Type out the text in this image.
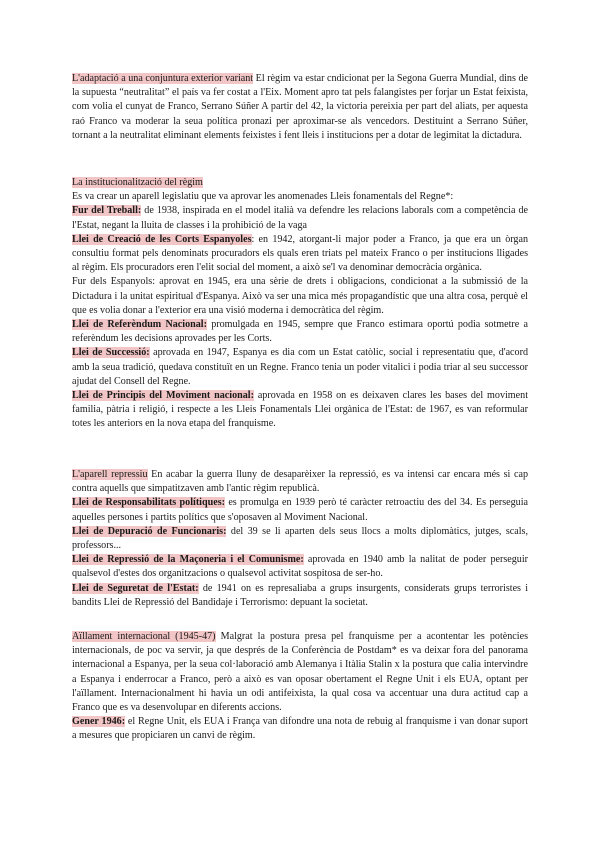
L'adaptació a una conjuntura exterior variant El règim va estar cndicionat per la Segona Guerra Mundial, dins de la supuesta “neutralitat” el país va fer costat a l'Eix. Moment apro tat pels falangistes per forjar un Estat feixista, com volia el cunyat de Franco, Serrano Súñer A partir del 42, la victoria pereixia per part del aliats, per aquesta raó Franco va moderar la seua política pronazi per aproximar-se als vencedors. Destituint a Serrano Súñer, tornant a la neutralitat eliminant elements feixistes i fent lleis i institucions per a dotar de legimitat la dictadura.

La institucionalització del règim

Es va crear un aparell legislatiu que va aprovar les anomenades Lleis fonamentals del Regne*:

Fur del Treball: de 1938, inspirada en el model italià va defendre les relacions laborals com a competència de l'Estat, negant la lluita de classes i la prohibició de la vaga

Llei de Creació de les Corts Espanyoles: en 1942, atorgant-li major poder a Franco, ja que era un òrgan consultiu format pels denominats procuradors els quals eren triats pel mateix Franco o per institucions lligades al règim. Els procuradors eren l'elit social del moment, a això se'l va denominar democràcia orgànica.

Fur dels Espanyols: aprovat en 1945, era una sèrie de drets i obligacions, condicionat a la submissió de la Dictadura i la unitat espiritual d'Espanya. Això va ser una mica més propagandístic que una altra cosa, perquè el que es volia donar a l'exterior era una visió moderna i democràtica del règim.

Llei de Referèndum Nacional: promulgada en 1945, sempre que Franco estimara oportú podia sotmetre a referèndum les decisions aprovades per les Corts.

Llei de Successió: aprovada en 1947, Espanya es dia com un Estat catòlic, social i representatiu que, d'acord amb la seua tradició, quedava constituït en un Regne. Franco tenia un poder vitalici i podia triar al seu successor ajudat del Consell del Regne.

Llei de Principis del Moviment nacional: aprovada en 1958 on es deixaven clares les bases del moviment familia, pàtria i religió, i respecte a les Lleis Fonamentals Llei orgànica de l'Estat: de 1967, es van reformular totes les anteriors en la nova etapa del franquisme.

L'aparell repressiu En acabar la guerra lluny de desaparèixer la repressió, es va intensi car encara més si cap contra aquells que simpatitzaven amb l'antic règim republicà.

Llei de Responsabilitats polítiques: es promulga en 1939 però té caràcter retroactiu des del 34. Es perseguia aquelles persones i partits polítics que s'oposaven al Moviment Nacional.

Llei de Depuració de Funcionaris: del 39 se li aparten dels seus llocs a molts diplomàtics, jutges, scals, professors...

Llei de Repressió de la Maçoneria i el Comunisme: aprovada en 1940 amb la nalitat de poder perseguir qualsevol d'estes dos organitzacions o qualsevol activitat sospitosa de ser-ho.

Llei de Seguretat de l'Estat: de 1941 on es represaliaba a grups insurgents, considerats grups terroristes i bandits Llei de Repressió del Bandidaje i Terrorismo: depuant la societat.

Aïllament internacional (1945-47) Malgrat la postura presa pel franquisme per a acontentar les potències internacionals, de poc va servir, ja que després de la Conferència de Postdam* es va deixar fora del panorama internacional a Espanya, per la seua col·laboració amb Alemanya i Itàlia Stalin x la postura que calia intervindre a Espanya i enderrocar a Franco, però a això es van oposar obertament el Regne Unit i els EUA, optant per l'aïllament. Internacionalment hi havia un odi antifeixista, la qual cosa va accentuar una dura actitud cap a Franco que es va desenvolupar en diferents accions.

Gener 1946: el Regne Unit, els EUA i França van difondre una nota de rebuig al franquisme i van donar suport a mesures que propiciaren un canvi de règim.
